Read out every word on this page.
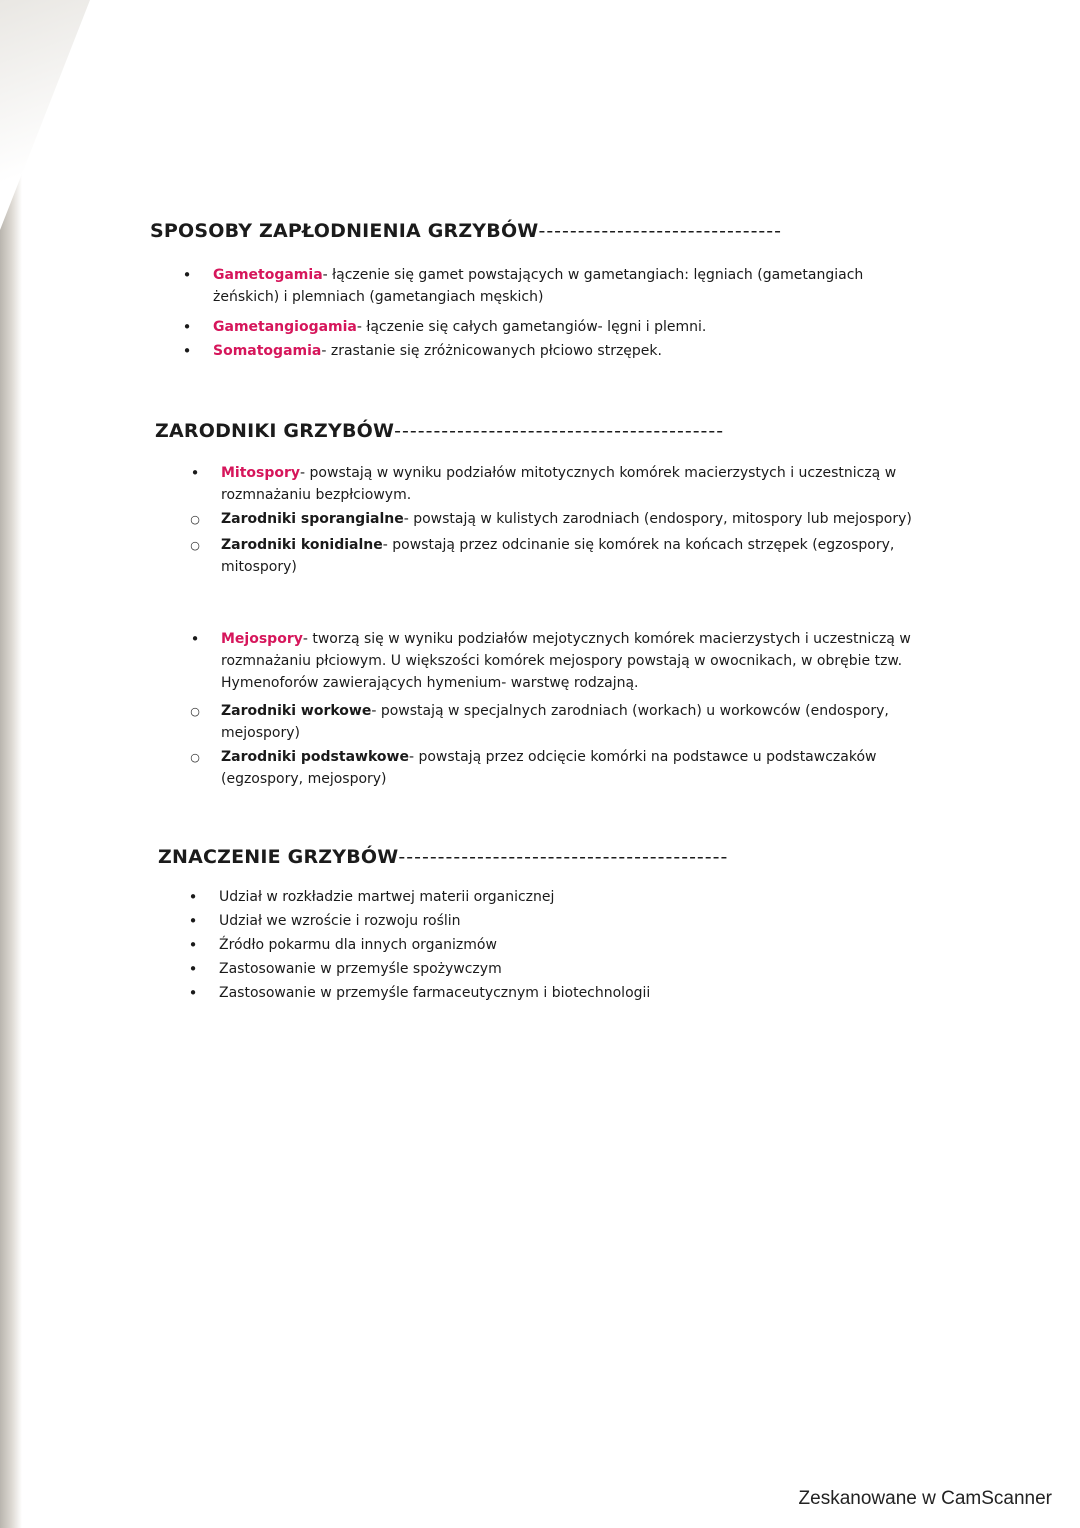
SPOSOBY ZAPŁODNIENIA GRZYBÓW-------------------------------
•
Gametogamia- łączenie się gamet powstających w gametangiach: lęgniach (gametangiach żeńskich) i plemniach (gametangiach męskich)
•
Gametangiogamia- łączenie się całych gametangiów- lęgni i plemni.
•
Somatogamia- zrastanie się zróżnicowanych płciowo strzępek.
ZARODNIKI GRZYBÓW------------------------------------------
•
Mitospory- powstają w wyniku podziałów mitotycznych komórek macierzystych i uczestniczą w rozmnażaniu bezpłciowym.
○
Zarodniki sporangialne- powstają w kulistych zarodniach (endospory, mitospory lub mejospory)
○
Zarodniki konidialne- powstają przez odcinanie się komórek na końcach strzępek (egzospory, mitospory)
•
Mejospory- tworzą się w wyniku podziałów mejotycznych komórek macierzystych i uczestniczą w rozmnażaniu płciowym. U większości komórek mejospory powstają w owocnikach, w obrębie tzw. Hymenoforów zawierających hymenium- warstwę rodzajną.
○
Zarodniki workowe- powstają w specjalnych zarodniach (workach) u workowców (endospory, mejospory)
○
Zarodniki podstawkowe- powstają przez odcięcie komórki na podstawce u podstawczaków (egzospory, mejospory)
ZNACZENIE GRZYBÓW------------------------------------------
•
Udział w rozkładzie martwej materii organicznej
•
Udział we wzroście i rozwoju roślin
•
Źródło pokarmu dla innych organizmów
•
Zastosowanie w przemyśle spożywczym
•
Zastosowanie w przemyśle farmaceutycznym i biotechnologii
Zeskanowane w CamScanner
